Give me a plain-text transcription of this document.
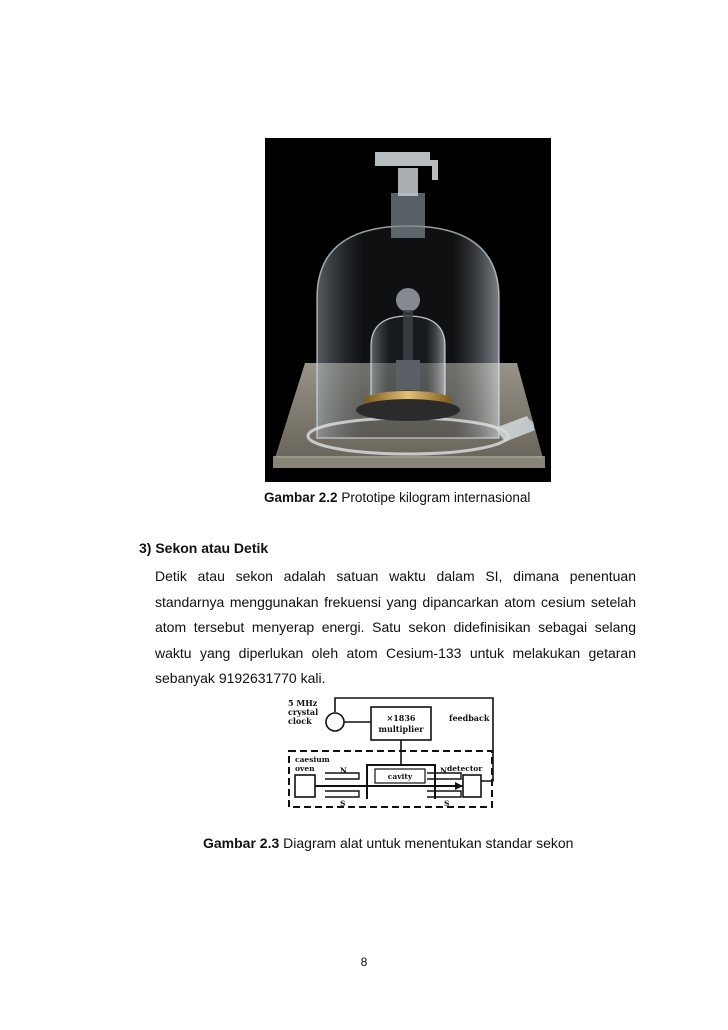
Gambar 2.2 Prototipe kilogram internasional
3) Sekon atau Detik
Detik atau sekon adalah satuan waktu dalam SI, dimana penentuan standarnya menggunakan frekuensi yang dipancarkan atom cesium setelah atom tersebut menyerap energi. Satu sekon didefinisikan sebagai selang waktu yang diperlukan oleh atom Cesium-133 untuk melakukan getaran sebanyak 9192631770 kali.
5 MHz
crystal
clock	×1836
multiplier
feedback
caesium
oven	detector
cavity
N
S
N
S
Gambar 2.3 Diagram alat untuk menentukan standar sekon
8
